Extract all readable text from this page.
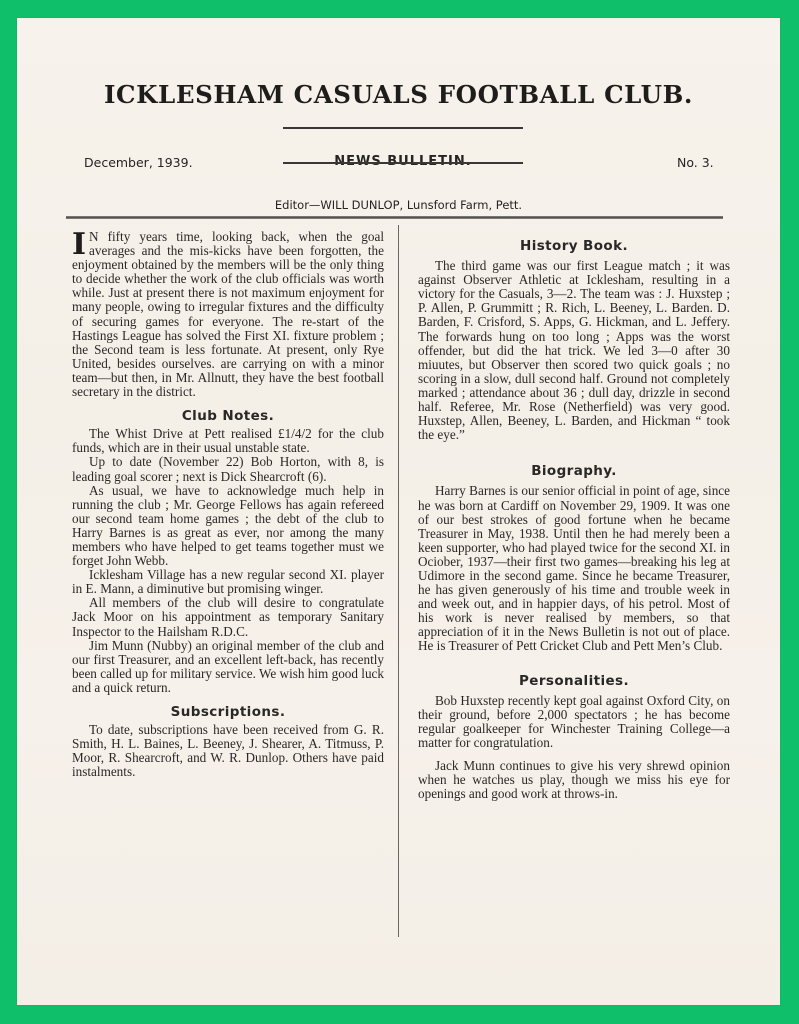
ICKLESHAM CASUALS FOOTBALL CLUB.
December, 1939.	No. 3.
Editor—WILL DUNLOP, Lunsford Farm, Pett.

I N fifty years time, looking back, when the goal averages and the mis-kicks have been forgotten, the enjoyment obtained by the members will be the only thing to decide whether the work of the club officials was worth while. Just at present there is not maximum enjoyment for many people, owing to irregular fixtures and the difficulty of securing games for everyone. The re-start of the Hastings League has solved the First XI. fixture problem ; the Second team is less fortunate. At present, only Rye United, besides ourselves. are carrying on with a minor team—but then, in Mr. Allnutt, they have the best football secretary in the district.

Club Notes.

The Whist Drive at Pett realised £1/4/2 for the club funds, which are in their usual unstable state.

Up to date (November 22) Bob Horton, with 8, is leading goal scorer ; next is Dick Shearcroft (6).

As usual, we have to acknowledge much help in running the club ; Mr. George Fellows has again refereed our second team home games ; the debt of the club to Harry Barnes is as great as ever, nor among the many members who have helped to get teams together must we forget John Webb.

Icklesham Village has a new regular second XI. player in E. Mann, a diminutive but promising winger.

All members of the club will desire to congratulate Jack Moor on his appointment as temporary Sanitary Inspector to the Hailsham R.D.C.

Jim Munn (Nubby) an original member of the club and our first Treasurer, and an excellent left-back, has recently been called up for military service. We wish him good luck and a quick return.

Subscriptions.

To date, subscriptions have been received from G. R. Smith, H. L. Baines, L. Beeney, J. Shearer, A. Titmuss, P. Moor, R. Shearcroft, and W. R. Dunlop. Others have paid instalments.

History Book.

The third game was our first League match ; it was against Observer Athletic at Icklesham, resulting in a victory for the Casuals, 3—2. The team was : J. Huxstep ; P. Allen, P. Grummitt ; R. Rich, L. Beeney, L. Barden. D. Barden, F. Crisford, S. Apps, G. Hickman, and L. Jeffery. The forwards hung on too long ; Apps was the worst offender, but did the hat trick. We led 3—0 after 30 miuutes, but Observer then scored two quick goals ; no scoring in a slow, dull second half. Ground not completely marked ; attendance about 36 ; dull day, drizzle in second half. Referee, Mr. Rose (Netherfield) was very good. Huxstep, Allen, Beeney, L. Barden, and Hickman “ took the eye.”

Biography.

Harry Barnes is our senior official in point of age, since he was born at Cardiff on November 29, 1909. It was one of our best strokes of good fortune when he became Treasurer in May, 1938. Until then he had merely been a keen supporter, who had played twice for the second XI. in Ociober, 1937—their first two games—breaking his leg at Udimore in the second game. Since he became Treasurer, he has given generously of his time and trouble week in and week out, and in happier days, of his petrol. Most of his work is never realised by members, so that appreciation of it in the News Bulletin is not out of place. He is Treasurer of Pett Cricket Club and Pett Men’s Club.

Personalities.

Bob Huxstep recently kept goal against Oxford City, on their ground, before 2,000 spectators ; he has become regular goalkeeper for Winchester Training College—a matter for congratulation.

Jack Munn continues to give his very shrewd opinion when he watches us play, though we miss his eye for openings and good work at throws-in.
